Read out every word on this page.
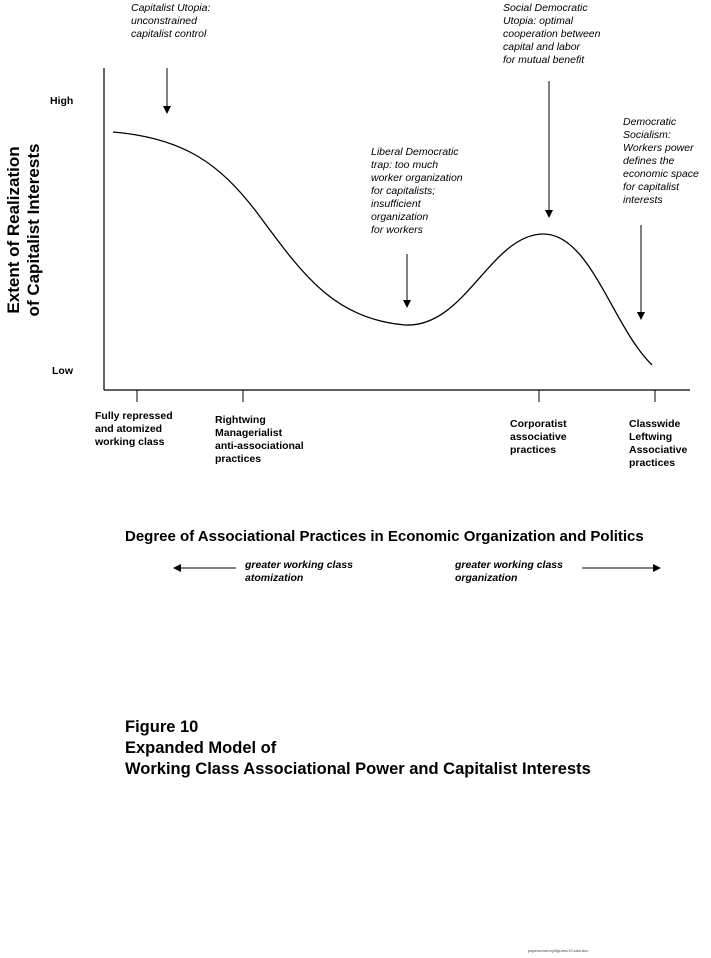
Extent of Realization
of Capitalist Interests
High
Low
Capitalist Utopia:
unconstrained
capitalist control
Liberal Democratic
trap: too much
worker organization
for capitalists;
insufficient
organization
for workers
Social Democratic
Utopia: optimal
cooperation between
capital and labor
for mutual benefit
Democratic
Socialism:
Workers power
defines the
economic space
for capitalist
interests
Fully repressed
and atomized
working class
Rightwing
Managerialist
anti-associational
practices
Corporatist
associative
practices
Classwide
Leftwing
Associative
practices
Degree of Associational Practices in Economic Organization and Politics
greater working class
atomization
greater working class
organization
Figure 10
Expanded Model of
Working Class Associational Power and Capitalist Interests
papers/cweory/figures/10.sdw.doc
